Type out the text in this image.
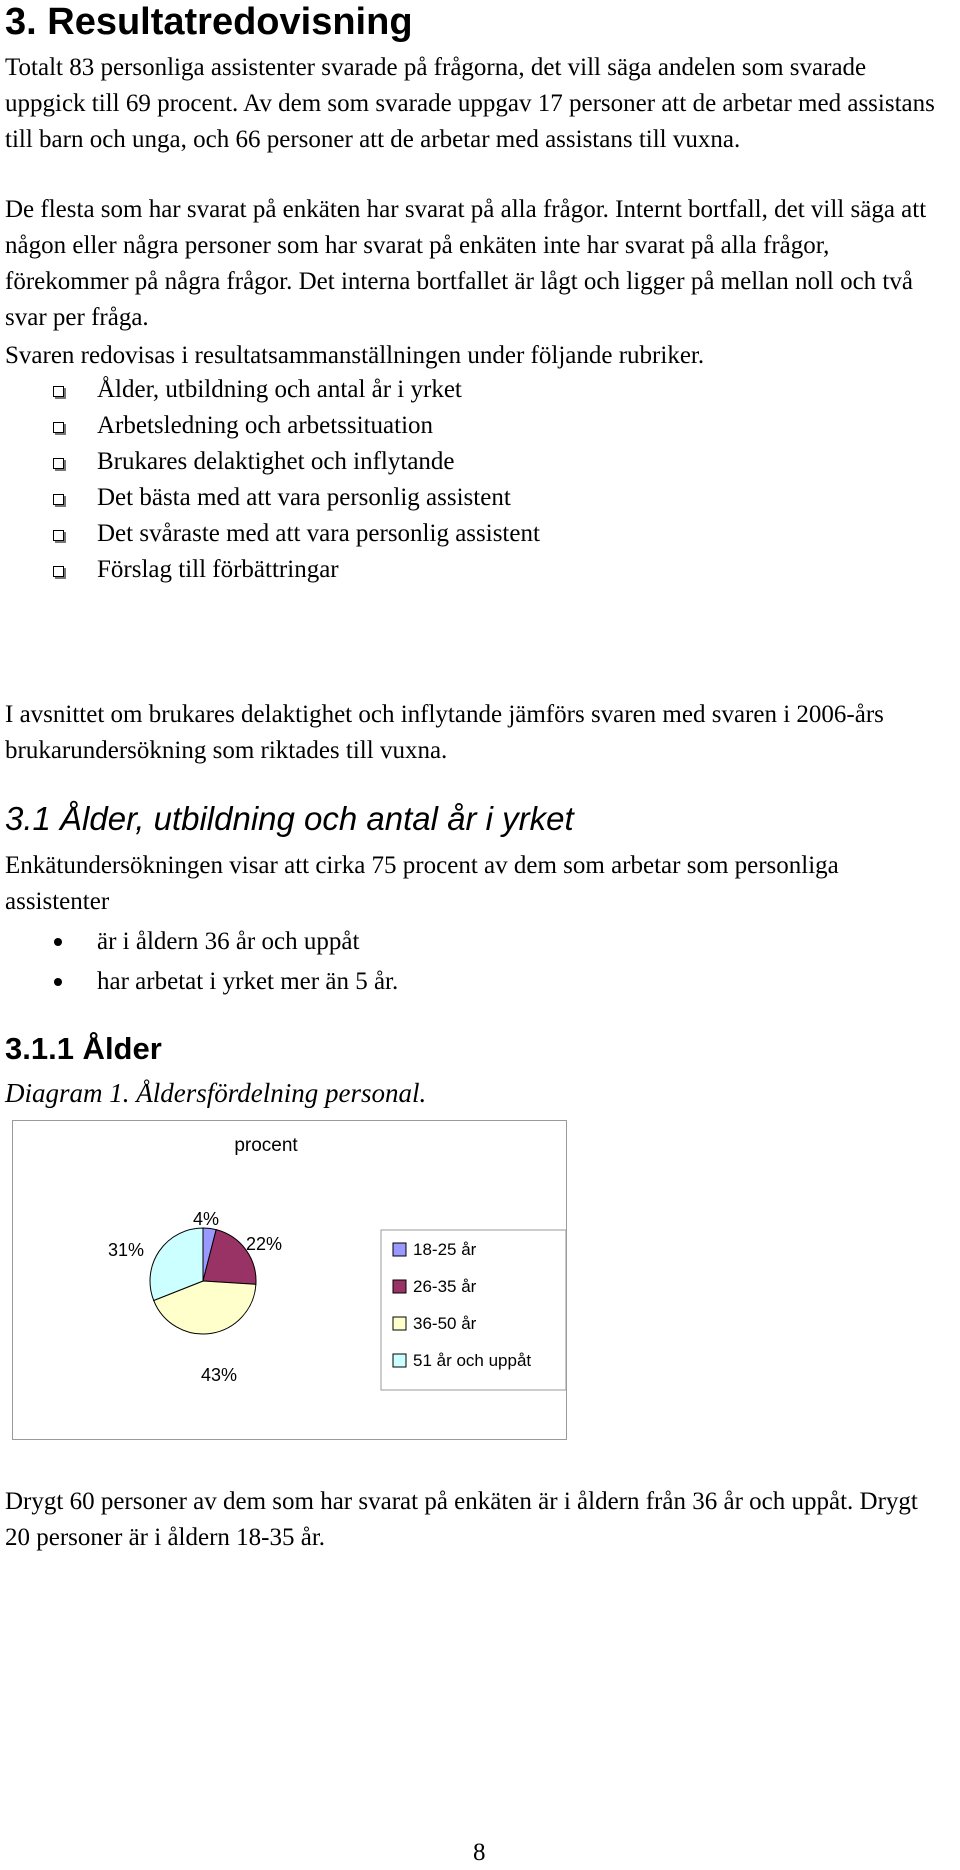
3. Resultatredovisning
Totalt 83 personliga assistenter svarade på frågorna, det vill säga andelen som svarade uppgick till 69 procent. Av dem som svarade uppgav 17 personer att de arbetar med assistans till barn och unga, och 66 personer att de arbetar med assistans till vuxna.
De flesta som har svarat på enkäten har svarat på alla frågor. Internt bortfall, det vill säga att någon eller några personer som har svarat på enkäten inte har svarat på alla frågor, förekommer på några frågor. Det interna bortfallet är lågt och ligger på mellan noll och två svar per fråga.
Svaren redovisas i resultatsammanställningen under följande rubriker.
Ålder, utbildning och antal år i yrket
Arbetsledning och arbetssituation
Brukares delaktighet och inflytande
Det bästa med att vara personlig assistent
Det svåraste med att vara personlig assistent
Förslag till förbättringar
I avsnittet om brukares delaktighet och inflytande jämförs svaren med svaren i 2006-års brukarundersökning som riktades till vuxna.
3.1 Ålder, utbildning och antal år i yrket
Enkätundersökningen visar att cirka 75 procent av dem som arbetar som personliga assistenter
är i åldern 36 år och uppåt
har arbetat i yrket mer än 5 år.
3.1.1 Ålder
Diagram 1. Åldersfördelning personal.
procent
4%
22%
43%
31%	18-25 år
26-35 år
36-50 år
51 år och uppåt
Drygt 60 personer av dem som har svarat på enkäten är i åldern från 36 år och uppåt. Drygt 20 personer är i åldern 18-35 år.
8
